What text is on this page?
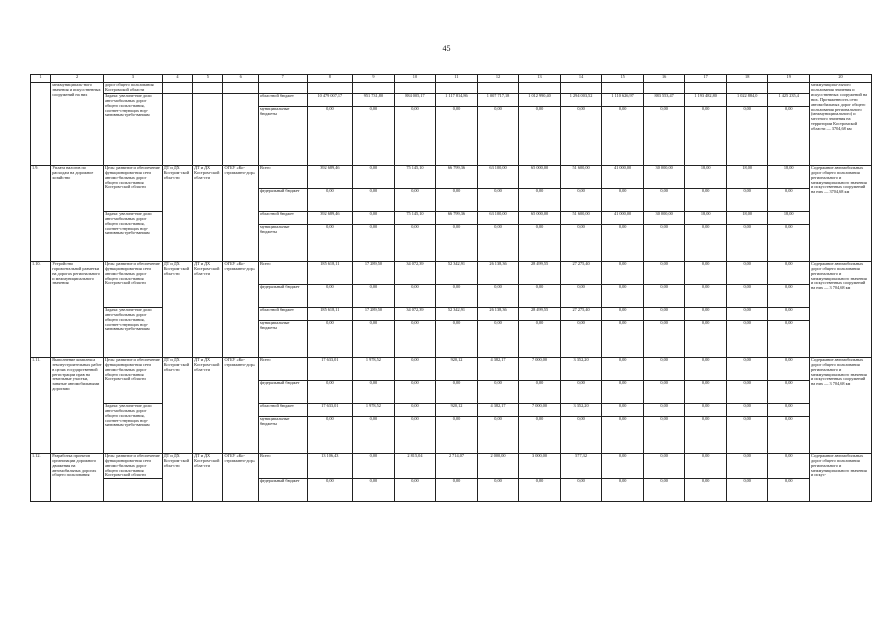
45
1	2	3	4	5	6	7	8	9	10	11	12	13	14	15	16	17	18	19	20
	межмуниципаль-ного значения и искусственных сооружений на них	дорог общего пользования Костромской области																	межмуниципа-льного пользования значения и искусственных сооружений на них. Протяженность сети автомобильных дорог общего пользования регионального (межмуниципального) и местного значения на территории Костромской области — 3704,68 км
		Задача: увеличе-ние доли авто-мобильных дорог общего пользо-вания, соответ-ствующих нор-мативным требо-ваниям				областной бюджет	10 479 007,17	951 731,80	884 005,17	1 117 814,86	1 007 717,18	1 012 990,40	1 294 003,52	1 110 626,97	883 553,47	1 193 482,80	1 022 884,0	1 425 235,4	
						муниципальные бюджеты	0,00	0,00	0,00	0,00	0,00	0,00	0,00	0,00	0,00	0,00	0,00	0,00	
1.9.	Уплата налогов по расходам на дорожное хозяйство	Цель: развитие и обеспечение функционирова-ния сети автомо-бильных дорог общего пользо-вания Костром-ской области	ДТ и ДХ Костром-ской обла-сти	ДТ и ДХ Костром-ской обла-сти	ОГБУ «Ко-стромаавто-дор»	Всего	392 689,46	0,00	75 145,10	66 799,36	63 100,00	65 000,00	51 600,00	41 000,00	30 000,00	18,00	18,00	18,00	Содержание автомобильных дорог общего пользования регионального и межмуниципального значения и искусственных сооружений на них — 3704,68 км
						федеральный бюджет	0,00	0,00	0,00	0,00	0,00	0,00	0,00	0,00	0,00	0,00	0,00	0,00	
		Задача: увеличе-ние доли авто-мобильных дорог общего пользо-вания, соответ-ствующих нор-мативным требо-ваниям				областной бюджет	392 689,46	0,00	75 145,10	66 799,36	63 100,00	65 000,00	51 600,00	41 000,00	30 000,00	18,00	18,00	18,00	
						муниципальные бюджеты	0,00	0,00	0,00	0,00	0,00	0,00	0,00	0,00	0,00	0,00	0,00	0,00	
1.10.	Устройство горизонтальной разметки на дорогах регионального и межмуниципального значения	Цель: развитие и обеспечение функционирова-ния сети автомо-бильных дорог общего пользо-вания Костром-ской области	ДТ и ДХ Костром-ской обла-сти	ДТ и ДХ Костром-ской обла-сти	ОГБУ «Ко-стромаавто-дор»	Всего	185 618,11	17 289,50	34 072,39	52 342,91	26 138,36	28 499,55	27 275,40	0,00	0,00	0,00	0,00	0,00	Содержание автомобильных дорог общего пользования регионального и межмуниципального значения и искусственных сооружений на них — 3 704,68 км
						федеральный бюджет	0,00	0,00	0,00	0,00	0,00	0,00	0,00	0,00	0,00	0,00	0,00	0,00	
		Задача: увеличе-ние доли авто-мобильных дорог общего пользо-вания, соответ-ствующих нор-мативным требо-ваниям				областной бюджет	185 618,11	17 289,50	34 072,39	52 342,91	26 138,36	28 499,55	27 275,40	0,00	0,00	0,00	0,00	0,00	
						муниципальные бюджеты	0,00	0,00	0,00	0,00	0,00	0,00	0,00	0,00	0,00	0,00	0,00	0,00	
1.11.	Выполнение комплекса землеустроительных работ в целях государственной регистрации прав на земельные участки, занятые автомобильными дорогами	Цель: развитие и обеспечение функционирова-ния сети автомо-бильных дорог общего пользо-вания Костром-ской области	ДТ и ДХ Костром-ской обла-сти	ДТ и ДХ Костром-ской обла-сти	ОГБУ «Ко-стромаавто-дор»	Всего	17 633,01	1 978,52	0,00	920,12	4 382,17	7 000,00	3 352,20	0,00	0,00	0,00	0,00	0,00	Содержание автомобильных дорог общего пользования регионального и межмуниципального значения и искусственных сооружений на них — 3 704,68 км
						федеральный бюджет	0,00	0,00	0,00	0,00	0,00	0,00	0,00	0,00	0,00	0,00	0,00	0,00	
		Задача: увеличе-ние доли авто-мобильных дорог общего пользо-вания, соответ-ствующих нор-мативным требо-ваниям				областной бюджет	17 633,01	1 978,52	0,00	920,12	4 382,17	7 000,00	3 352,20	0,00	0,00	0,00	0,00	0,00	
						муниципальные бюджеты	0,00	0,00	0,00	0,00	0,00	0,00	0,00	0,00	0,00	0,00	0,00	0,00	
1.12.	Разработка проектов организации дорожного движения на автомобильных дорогах общего пользования	Цель: развитие и обеспечение функционирова-ния сети автомо-бильных дорог общего пользо-вания Костром-ской области	ДТ и ДХ Костром-ской обла-сти	ДТ и ДХ Костром-ской обла-сти	ОГБУ «Ко-стромаавто-дор»	Всего	13 106,43	0,00	2 815,04	2 714,07	2 000,00	3 000,00	577,32	0,00	0,00	0,00	0,00	0,00	Содержание автомобильных дорог общего пользования регионального и межмуниципального значения и искус-
						федеральный бюджет	0,00	0,00	0,00	0,00	0,00	0,00	0,00	0,00	0,00	0,00	0,00	0,00	
